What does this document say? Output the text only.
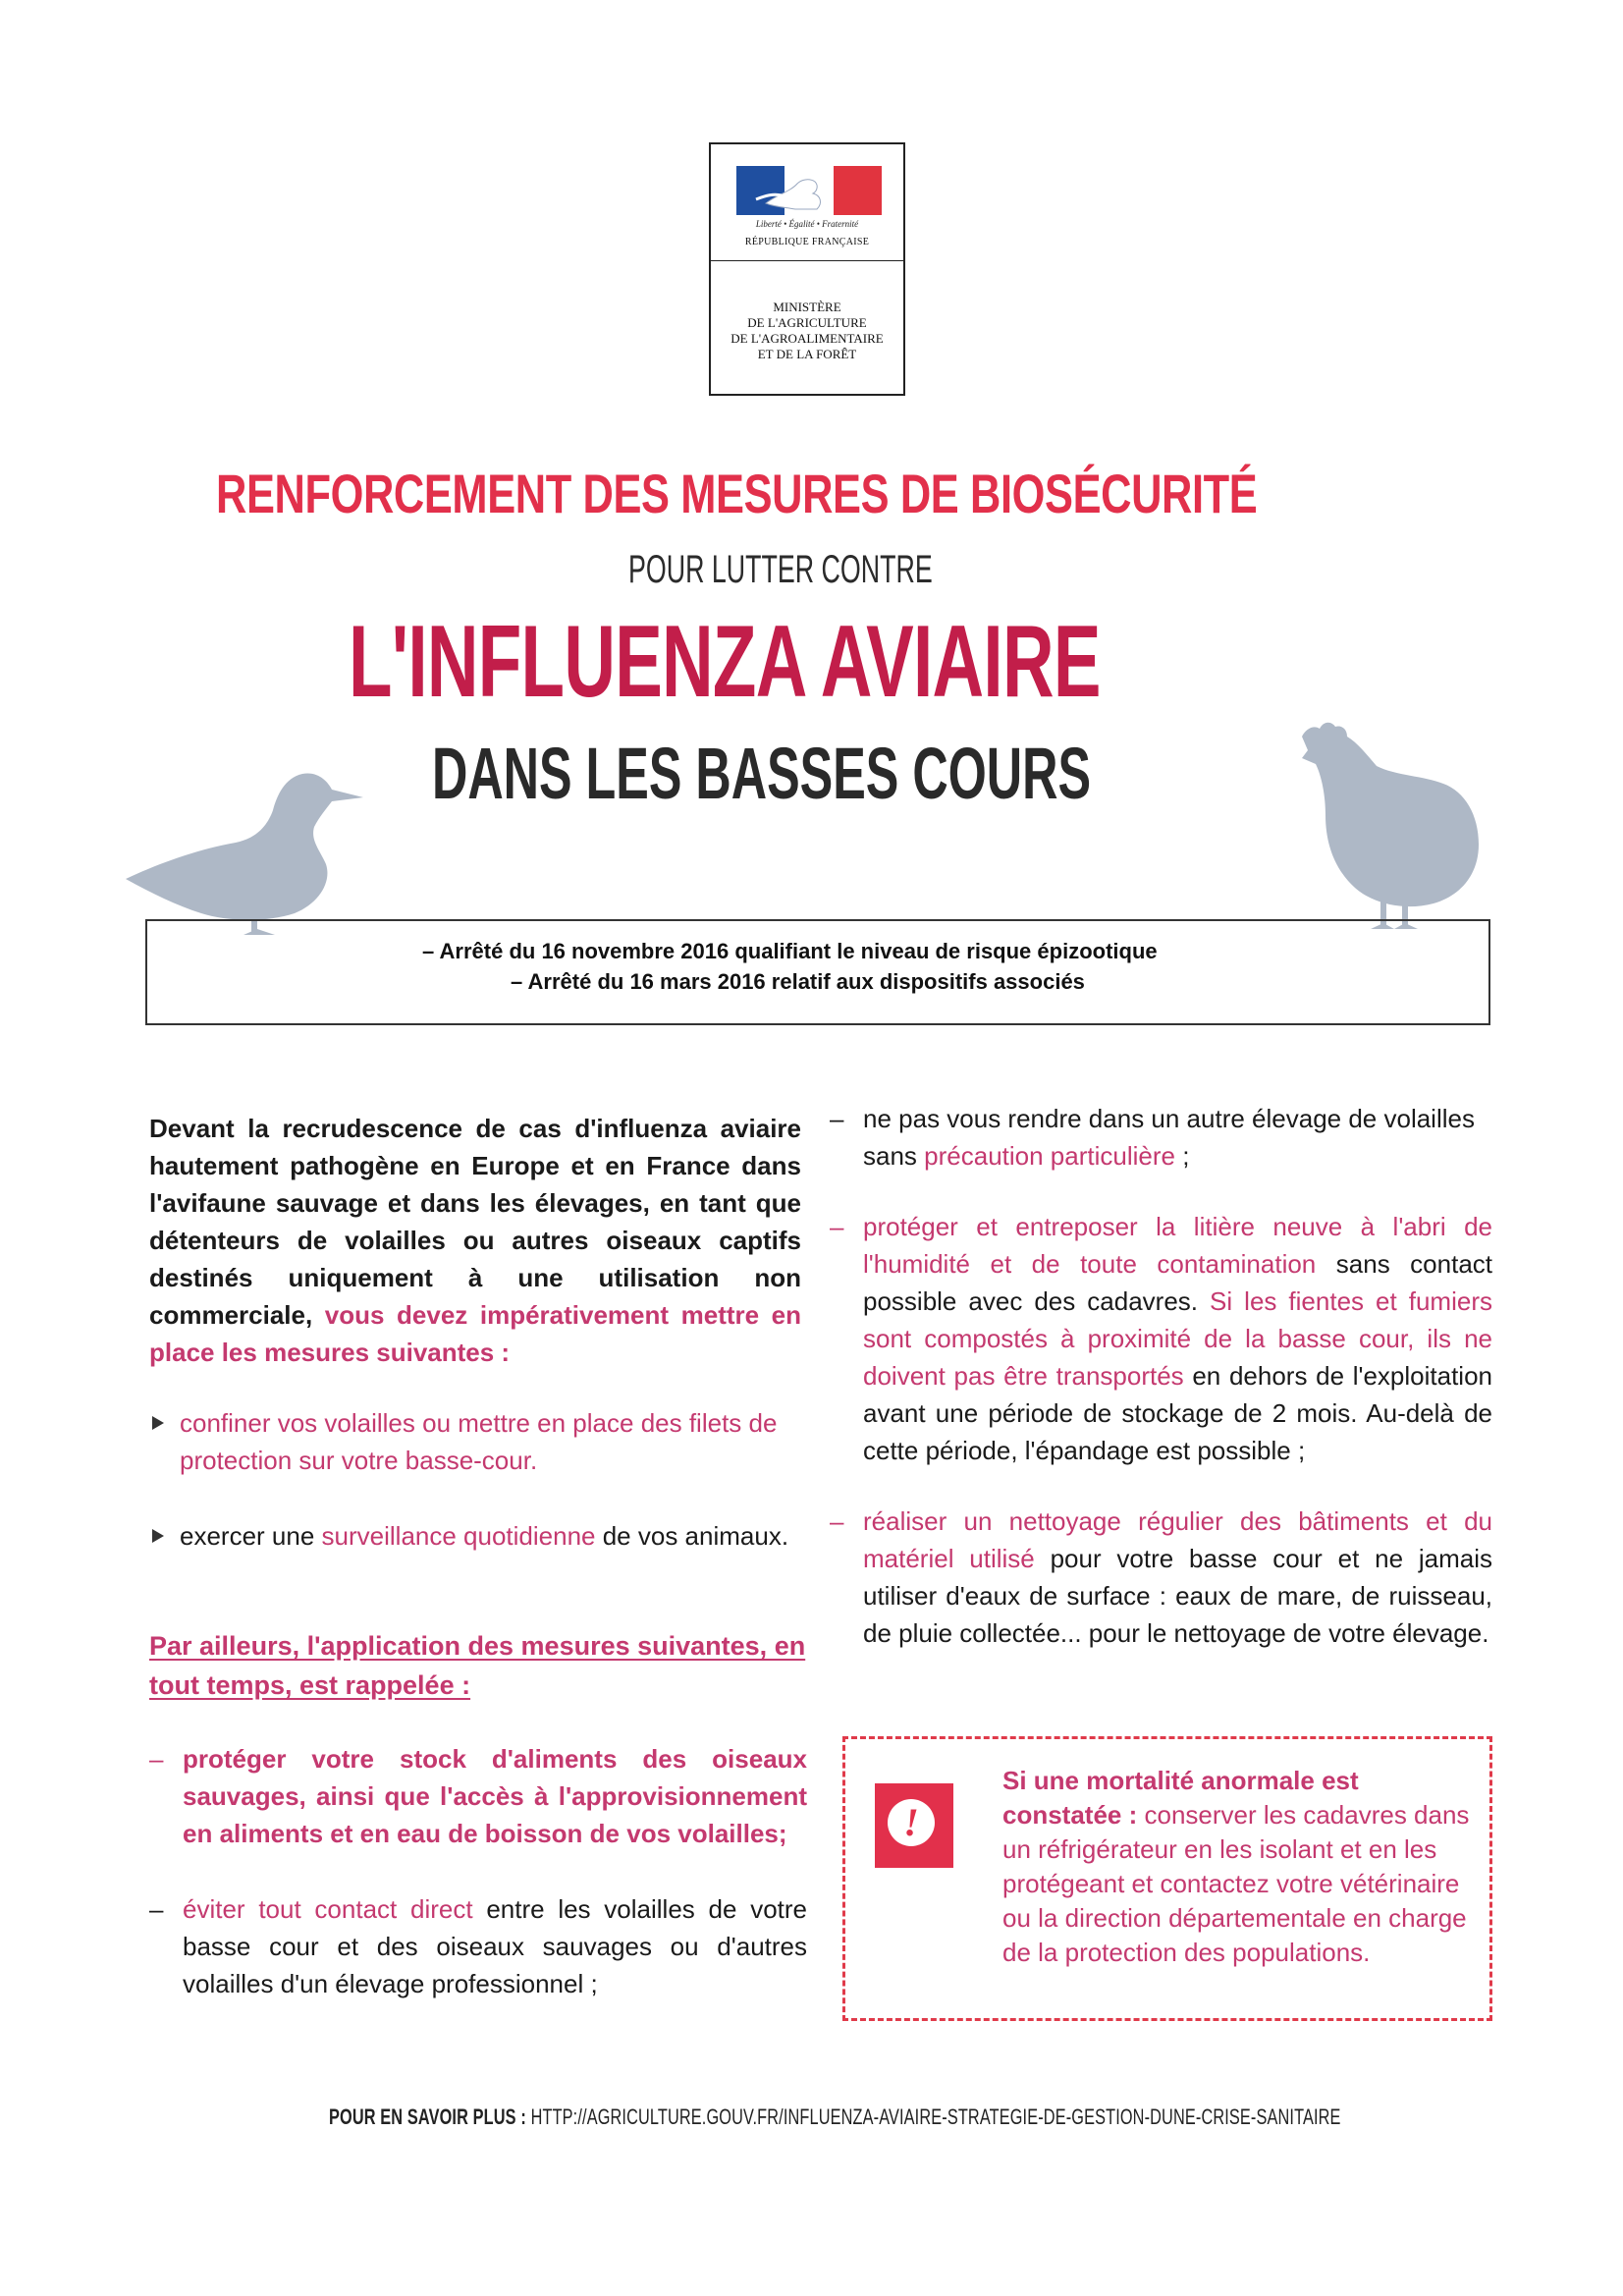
Liberté • Égalité • Fraternité
RÉPUBLIQUE FRANÇAISE
MINISTÈRE
DE L'AGRICULTURE
DE L'AGROALIMENTAIRE
ET DE LA FORÊT
RENFORCEMENT DES MESURES DE BIOSÉCURITÉ
POUR LUTTER CONTRE
L'INFLUENZA AVIAIRE
DANS LES BASSES COURS
– Arrêté du 16 novembre 2016 qualifiant le niveau de risque épizootique
– Arrêté du 16 mars 2016 relatif aux dispositifs associés
Devant la recrudescence de cas d'influenza aviaire hautement pathogène en Europe et en France dans l'avifaune sauvage et dans les élevages, en tant que détenteurs de volailles ou autres oiseaux captifs destinés uniquement à une utilisation non commerciale, vous devez impérativement mettre en place les mesures suivantes :
confiner vos volailles ou mettre en place des filets de protection sur votre basse-cour.
exercer une surveillance quotidienne de vos animaux.
Par ailleurs, l'application des mesures suivantes, en tout temps, est rappelée :
– protéger votre stock d'aliments des oiseaux sauvages, ainsi que l'accès à l'approvisionnement en aliments et en eau de boisson de vos volailles;
– éviter tout contact direct entre les volailles de votre basse cour et des oiseaux sauvages ou d'autres volailles d'un élevage professionnel ;
– ne pas vous rendre dans un autre élevage de volailles sans précaution particulière ;
– protéger et entreposer la litière neuve à l'abri de l'humidité et de toute contamination sans contact possible avec des cadavres. Si les fientes et fumiers sont compostés à proximité de la basse cour, ils ne doivent pas être transportés en dehors de l'exploitation avant une période de stockage de 2 mois. Au-delà de cette période, l'épandage est possible ;
– réaliser un nettoyage régulier des bâtiments et du matériel utilisé pour votre basse cour et ne jamais utiliser d'eaux de surface : eaux de mare, de ruisseau, de pluie collectée... pour le nettoyage de votre élevage.
!
Si une mortalité anormale est constatée : conserver les cadavres dans un réfrigérateur en les isolant et en les protégeant et contactez votre vétérinaire ou la direction départementale en charge de la protection des populations.
POUR EN SAVOIR PLUS : HTTP://AGRICULTURE.GOUV.FR/INFLUENZA-AVIAIRE-STRATEGIE-DE-GESTION-DUNE-CRISE-SANITAIRE
